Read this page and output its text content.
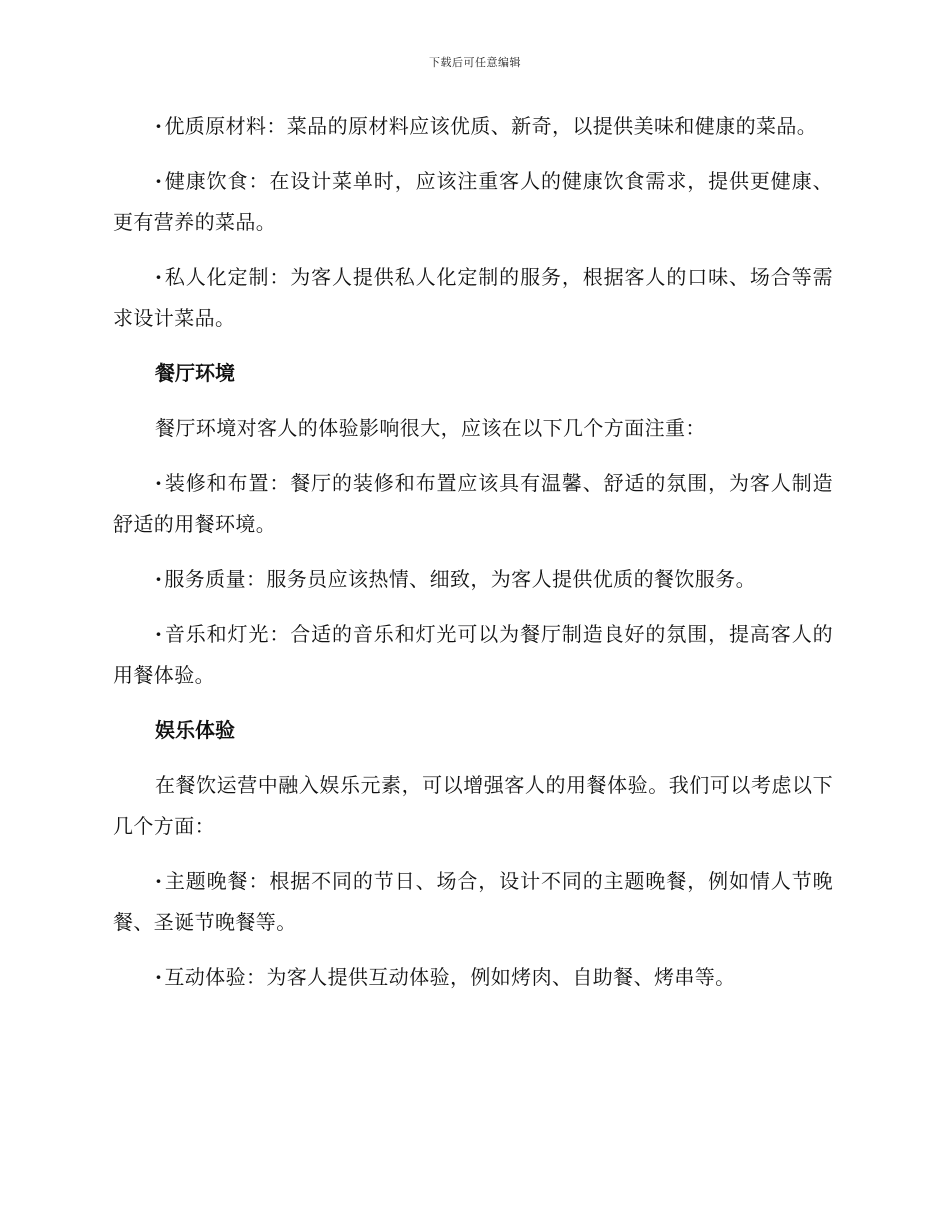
下载后可任意编辑

· 优质原材料：菜品的原材料应该优质、新奇，以提供美味和健康的菜品。

· 健康饮食：在设计菜单时，应该注重客人的健康饮食需求，提供更健康、更有营养的菜品。

· 私人化定制：为客人提供私人化定制的服务，根据客人的口味、场合等需求设计菜品。

餐厅环境

餐厅环境对客人的体验影响很大，应该在以下几个方面注重：

· 装修和布置：餐厅的装修和布置应该具有温馨、舒适的氛围，为客人制造舒适的用餐环境。

· 服务质量：服务员应该热情、细致，为客人提供优质的餐饮服务。

· 音乐和灯光：合适的音乐和灯光可以为餐厅制造良好的氛围，提高客人的用餐体验。

娱乐体验

在餐饮运营中融入娱乐元素，可以增强客人的用餐体验。我们可以考虑以下几个方面：

· 主题晚餐：根据不同的节日、场合，设计不同的主题晚餐，例如情人节晚餐、圣诞节晚餐等。

· 互动体验：为客人提供互动体验，例如烤肉、自助餐、烤串等。
